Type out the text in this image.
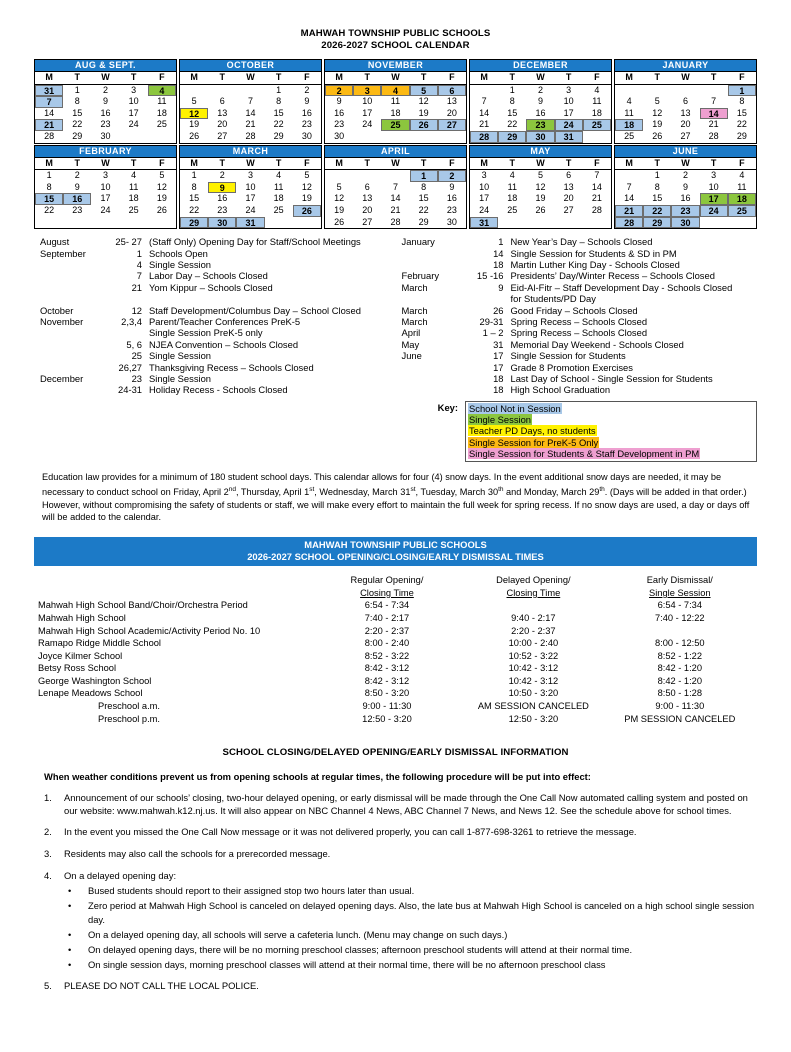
MAHWAH TOWNSHIP PUBLIC SCHOOLS
2026-2027 SCHOOL CALENDAR
AUG & SEPT.
M	T	W	T	F

31	1	2	3	4

7	8	9	10	11

14	15	16	17	18

21	22	23	24	25

28	29	30		

OCTOBER
M	T	W	T	F

			1	2

5	6	7	8	9

12	13	14	15	16

19	20	21	22	23

26	27	28	29	30
NOVEMBER
M	T	W	T	F

2	3	4	5	6

9	10	11	12	13

16	17	18	19	20

23	24	25	26	27

30				

DECEMBER
M	T	W	T	F

	1	2	3	4

7	8	9	10	11

14	15	16	17	18

21	22	23	24	25

28	29	30	31	

JANUARY
M	T	W	T	F

				1

4	5	6	7	8

11	12	13	14	15

18	19	20	21	22

25	26	27	28	29
FEBRUARY
M	T	W	T	F

1	2	3	4	5

8	9	10	11	12

15	16	17	18	19

22	23	24	25	26

MARCH
M	T	W	T	F

1	2	3	4	5

8	9	10	11	12

15	16	17	18	19

22	23	24	25	26

29	30	31		

APRIL
M	T	W	T	F

			1	2

5	6	7	8	9

12	13	14	15	16

19	20	21	22	23

26	27	28	29	30
MAY
M	T	W	T	F

3	4	5	6	7

10	11	12	13	14

17	18	19	20	21

24	25	26	27	28

31				

JUNE
M	T	W	T	F

	1	2	3	4

7	8	9	10	11

14	15	16	17	18

21	22	23	24	25

28	29	30		

August	25- 27 (Staff Only) Opening Day for Staff/School Meetings
September	1 Schools Open
4 Single Session
7 Labor Day – Schools Closed
21 Yom Kippur – Schools Closed
October	12 Staff Development/Columbus Day – School Closed
November	2,3,4 Parent/Teacher Conferences PreK-5
Single Session PreK-5 only
5, 6 NJEA Convention – Schools Closed
25 Single Session
26,27 Thanksgiving Recess – Schools Closed
December	23 Single Session
24-31 Holiday Recess - Schools Closed
January	1 New Year’s Day – Schools Closed
14 Single Session for Students & SD in PM
18 Martin Luther King Day - Schools Closed
February	15 -16 Presidents’ Day/Winter Recess – Schools Closed
March	9 Eid-Al-Fitr – Staff Development Day - Schools Closed
for Students/PD Day
March	26 Good Friday – Schools Closed
March	29-31 Spring Recess – Schools Closed
April	1 – 2 Spring Recess – Schools Closed
May	31 Memorial Day Weekend - Schools Closed
June	17 Single Session for Students
17 Grade 8 Promotion Exercises
18 Last Day of School - Single Session for Students
18 High School Graduation
Key:	School Not in Session
Single Session
Teacher PD Days, no students
Single Session for PreK-5 Only
Single Session for Students & Staff Development in PM
Education law provides for a minimum of 180 student school days. This calendar allows for four (4) snow days. In the event additional snow days are needed, it may be necessary to conduct school on Friday, April 2nd, Thursday, April 1st, Wednesday, March 31st, Tuesday, March 30th and Monday, March 29th. (Days will be added in that order.) However, without compromising the safety of students or staff, we will make every effort to maintain the full week for spring recess. If no snow days are used, a day or days off will be added to the calendar.
MAHWAH TOWNSHIP PUBLIC SCHOOLS
2026-2027 SCHOOL OPENING/CLOSING/EARLY DISMISSAL TIMES
	Regular Opening/	Delayed Opening/	Early Dismissal/
	Closing Time	Closing Time	Single Session
Mahwah High School Band/Choir/Orchestra Period	6:54 - 7:34		6:54 - 7:34
Mahwah High School	7:40 - 2:17	9:40 - 2:17	7:40 - 12:22
Mahwah High School Academic/Activity Period No. 10	2:20 - 2:37	2:20 - 2:37	
Ramapo Ridge Middle School	8:00 - 2:40	10:00 - 2:40	8:00 - 12:50
Joyce Kilmer School	8:52 - 3:22	10:52 - 3:22	8:52 - 1:22
Betsy Ross School	8:42 - 3:12	10:42 - 3:12	8:42 - 1:20
George Washington School	8:42 - 3:12	10:42 - 3:12	8:42 - 1:20
Lenape Meadows School	8:50 - 3:20	10:50 - 3:20	8:50 - 1:28
Preschool a.m.	9:00 - 11:30	AM SESSION CANCELED	9:00 - 11:30
Preschool p.m.	12:50 - 3:20	12:50 - 3:20	PM SESSION CANCELED
SCHOOL CLOSING/DELAYED OPENING/EARLY DISMISSAL INFORMATION
When weather conditions prevent us from opening schools at regular times, the following procedure will be put into effect:
1.	Announcement of our schools’ closing, two-hour delayed opening, or early dismissal will be made through the One Call Now automated calling system and posted on our website: www.mahwah.k12.nj.us. It will also appear on NBC Channel 4 News, ABC Channel 7 News, and News 12. See the schedule above for school times.
2.	In the event you missed the One Call Now message or it was not delivered properly, you can call 1-877-698-3261 to retrieve the message.
3.	Residents may also call the schools for a prerecorded message.
4.	On a delayed opening day:
•	Bused students should report to their assigned stop two hours later than usual.
•	Zero period at Mahwah High School is canceled on delayed opening days. Also, the late bus at Mahwah High School is canceled on a high school single session day.
•	On a delayed opening day, all schools will serve a cafeteria lunch. (Menu may change on such days.)
•	On delayed opening days, there will be no morning preschool classes; afternoon preschool students will attend at their normal time.
•	On single session days, morning preschool classes will attend at their normal time, there will be no afternoon preschool class
5.	PLEASE DO NOT CALL THE LOCAL POLICE.
